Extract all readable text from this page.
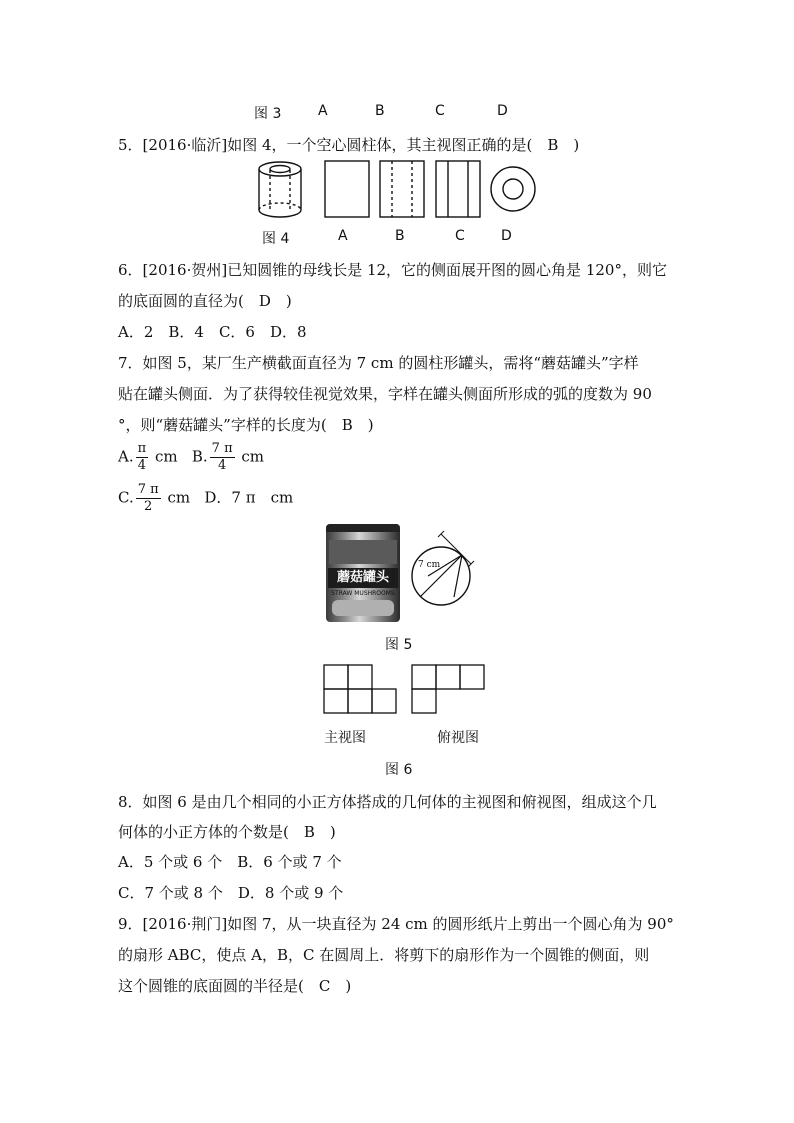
图 3	A	B	C	D
5．[2016·临沂]如图 4，一个空心圆柱体，其主视图正确的是(　B　)
图 4	A	B	C	D
6．[2016·贺州]已知圆锥的母线长是 12，它的侧面展开图的圆心角是 120°，则它
的底面圆的直径为(　D　)
A．2　B．4　C．6　D．8
7．如图 5，某厂生产横截面直径为 7 cm 的圆柱形罐头，需将“蘑菇罐头”字样
贴在罐头侧面．为了获得较佳视觉效果，字样在罐头侧面所形成的弧的度数为 90
°，则“蘑菇罐头”字样的长度为(　B　)
A. $\frac{\pi}{4}$ cm B. $\frac{7 \pi}{4}$ cm
C. $\frac{7 \pi}{2}$ cm D．7 π　cm
蘑菇罐头
STRAW MUSHROOMS
7 cm
图 5
主视图	俯视图
图 6
8．如图 6 是由几个相同的小正方体搭成的几何体的主视图和俯视图，组成这个几
何体的小正方体的个数是(　B　)
A．5 个或 6 个　B．6 个或 7 个
C．7 个或 8 个　D．8 个或 9 个
9．[2016·荆门]如图 7，从一块直径为 24 cm 的圆形纸片上剪出一个圆心角为 90°
的扇形 ABC，使点 A，B，C 在圆周上．将剪下的扇形作为一个圆锥的侧面，则
这个圆锥的底面圆的半径是(　C　)
